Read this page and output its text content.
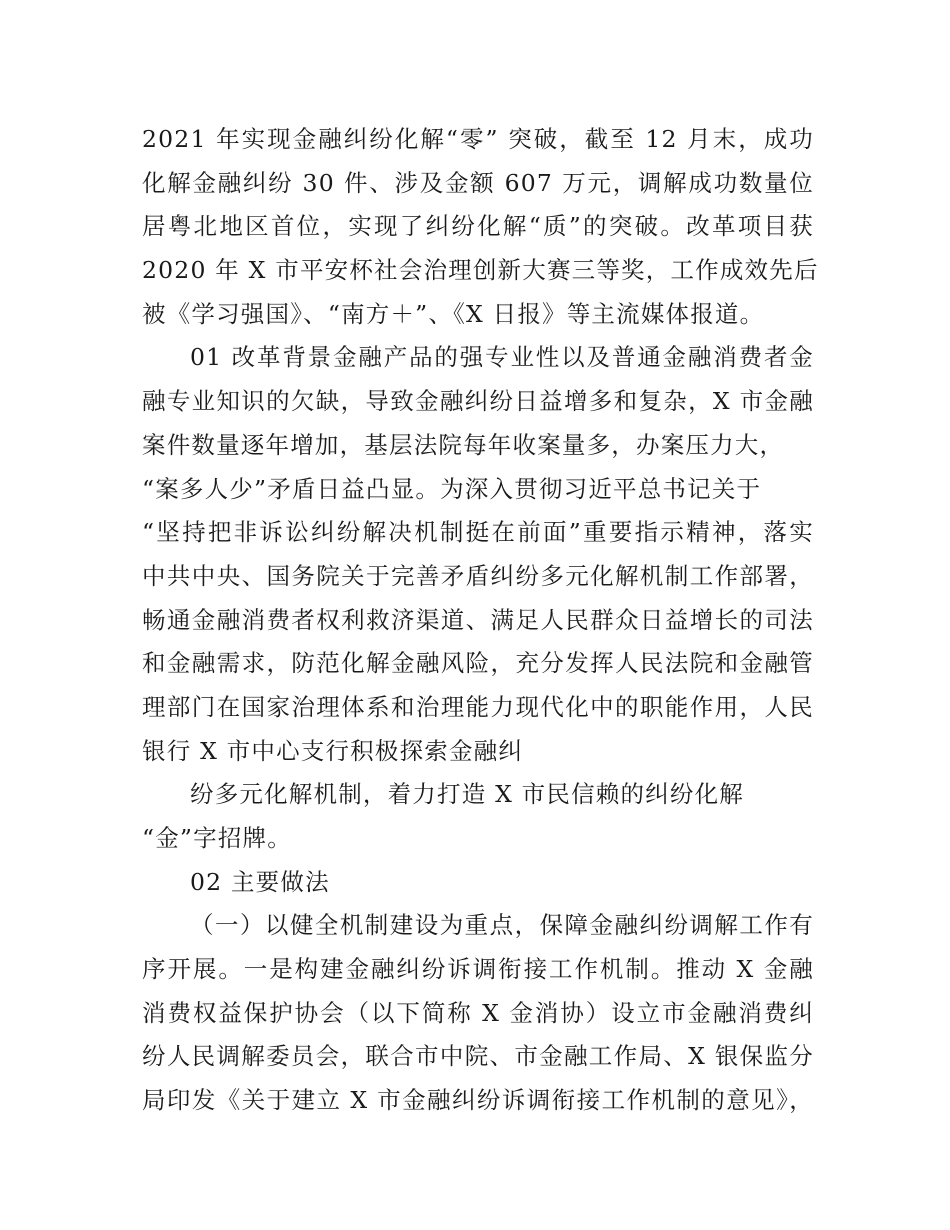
2021 年实现金融纠纷化解“零” 突破，截至 12 月末，成功
化解金融纠纷 30 件、涉及金额 607 万元，调解成功数量位
居粤北地区首位，实现了纠纷化解“质”的突破。改革项目获
2020 年 X 市平安杯社会治理创新大赛三等奖，工作成效先后
被《学习强国》、“南方＋”、《X 日报》等主流媒体报道。
01 改革背景金融产品的强专业性以及普通金融消费者金
融专业知识的欠缺，导致金融纠纷日益增多和复杂，X 市金融
案件数量逐年增加，基层法院每年收案量多，办案压力大，
“案多人少”矛盾日益凸显。为深入贯彻习近平总书记关于
“坚持把非诉讼纠纷解决机制挺在前面”重要指示精神，落实
中共中央、国务院关于完善矛盾纠纷多元化解机制工作部署，
畅通金融消费者权利救济渠道、满足人民群众日益增长的司法
和金融需求，防范化解金融风险，充分发挥人民法院和金融管
理部门在国家治理体系和治理能力现代化中的职能作用，人民
银行 X 市中心支行积极探索金融纠
纷多元化解机制，着力打造 X 市民信赖的纠纷化解
“金”字招牌。
02 主要做法
（一）以健全机制建设为重点，保障金融纠纷调解工作有
序开展。一是构建金融纠纷诉调衔接工作机制。推动 X 金融
消费权益保护协会（以下简称 X 金消协）设立市金融消费纠
纷人民调解委员会，联合市中院、市金融工作局、X 银保监分
局印发《关于建立 X 市金融纠纷诉调衔接工作机制的意见》，
